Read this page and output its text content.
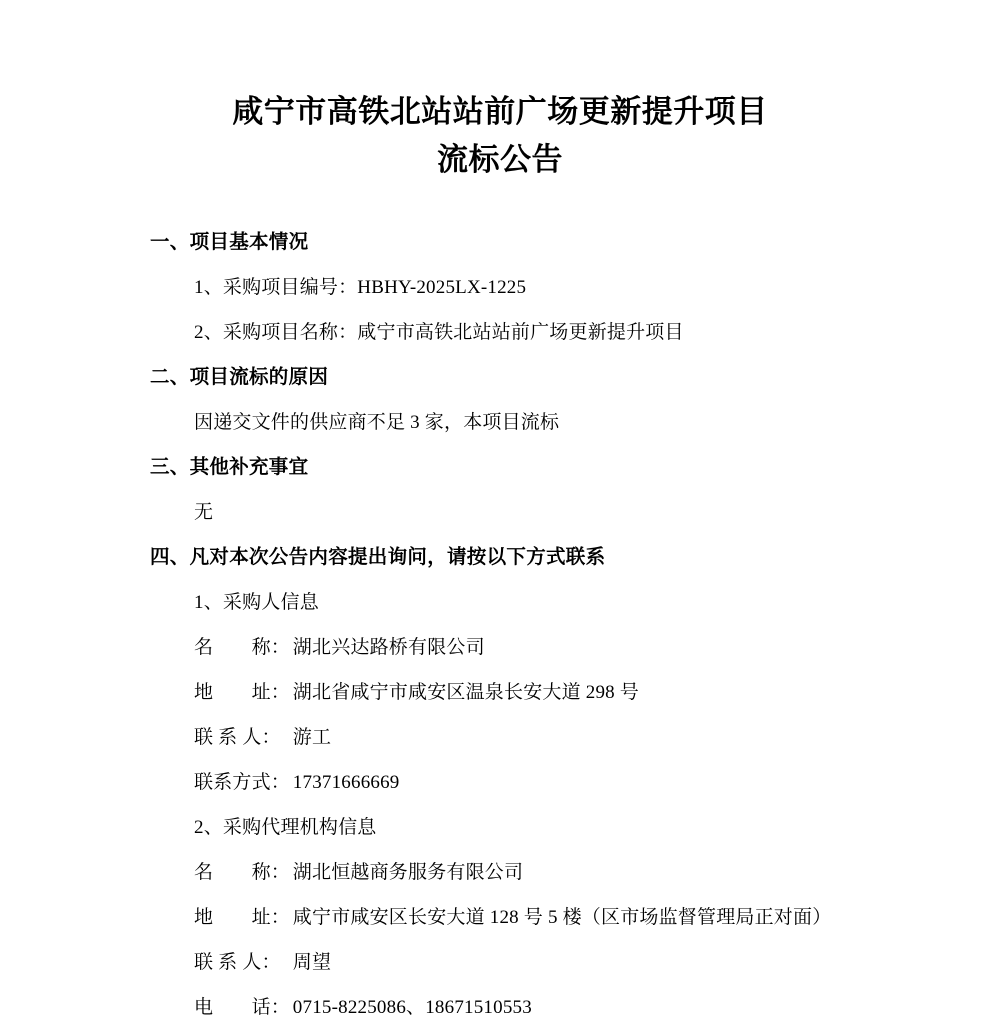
咸宁市高铁北站站前广场更新提升项目
流标公告

一、项目基本情况

1、采购项目编号：HBHY-2025LX-1225

2、采购项目名称：咸宁市高铁北站站前广场更新提升项目

二、项目流标的原因

因递交文件的供应商不足 3 家，本项目流标

三、其他补充事宜

无

四、凡对本次公告内容提出询问，请按以下方式联系

1、采购人信息

名　　称： 湖北兴达路桥有限公司

地　　址： 湖北省咸宁市咸安区温泉长安大道 298 号

联 系 人： 游工

联系方式： 17371666669

2、采购代理机构信息

名　　称： 湖北恒越商务服务有限公司

地　　址： 咸宁市咸安区长安大道 128 号 5 楼（区市场监督管理局正对面）

联 系 人： 周望

电　　话： 0715-8225086、18671510553
